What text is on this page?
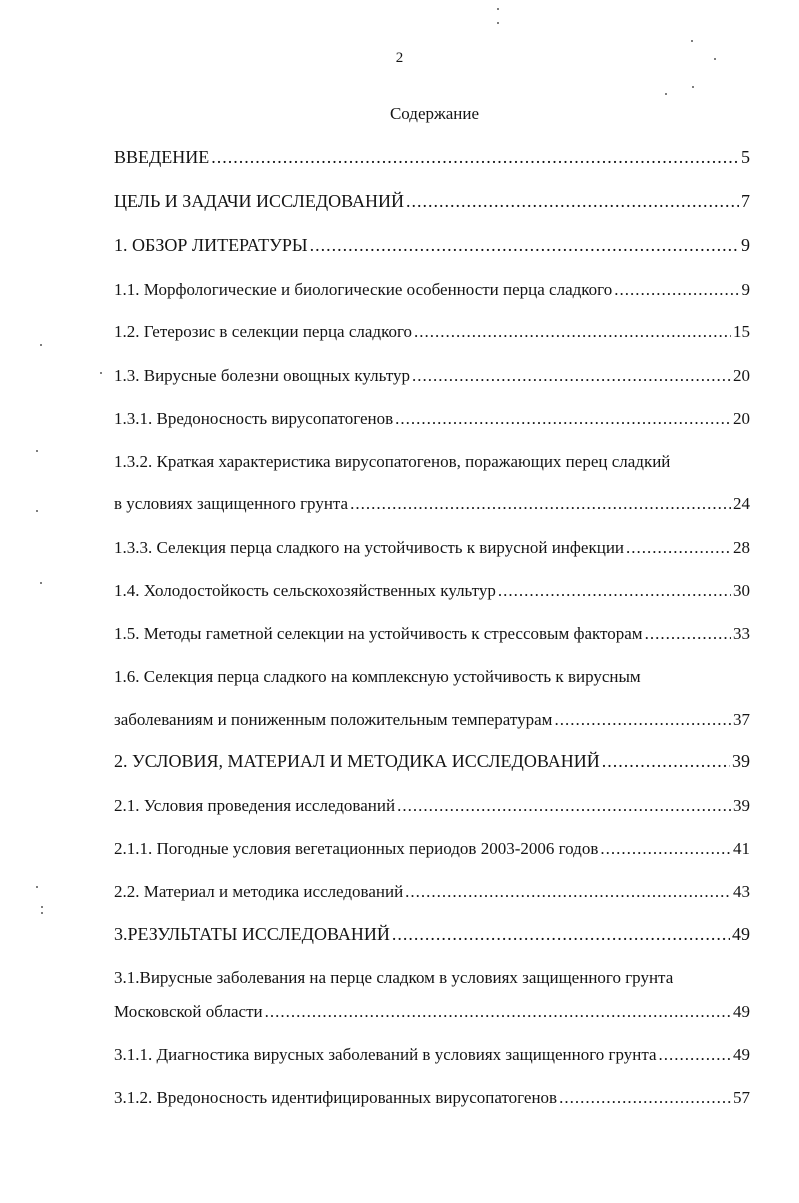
2
Содержание
ВВЕДЕНИЕ .....	5
ЦЕЛЬ И ЗАДАЧИ ИССЛЕДОВАНИЙ .....	7
1. ОБЗОР ЛИТЕРАТУРЫ .....	9
1.1. Морфологические и биологические особенности перца сладкого .....	9
1.2. Гетерозис в селекции перца сладкого .....	15
1.3. Вирусные болезни овощных культур .....	20
1.3.1. Вредоносность вирусопатогенов .....	20
1.3.2. Краткая характеристика вирусопатогенов, поражающих перец сладкий
в условиях защищенного грунта .....	24
1.3.3. Селекция перца сладкого на устойчивость к вирусной инфекции .....	28
1.4. Холодостойкость сельскохозяйственных культур .....	30
1.5. Методы гаметной селекции на устойчивость к стрессовым факторам .....	33
1.6. Селекция перца сладкого на комплексную устойчивость к вирусным
заболеваниям и пониженным положительным температурам .....	37
2. УСЛОВИЯ, МАТЕРИАЛ И МЕТОДИКА ИССЛЕДОВАНИЙ .....	39
2.1. Условия проведения исследований .....	39
2.1.1. Погодные условия вегетационных периодов 2003-2006 годов .....	41
2.2. Материал и методика исследований .....	43
3.РЕЗУЛЬТАТЫ ИССЛЕДОВАНИЙ .....	49
3.1.Вирусные заболевания на перце сладком в условиях защищенного грунта
Московской области .....	49
3.1.1. Диагностика вирусных заболеваний в условиях защищенного грунта .....	49
3.1.2. Вредоносность идентифицированных вирусопатогенов .....	57
